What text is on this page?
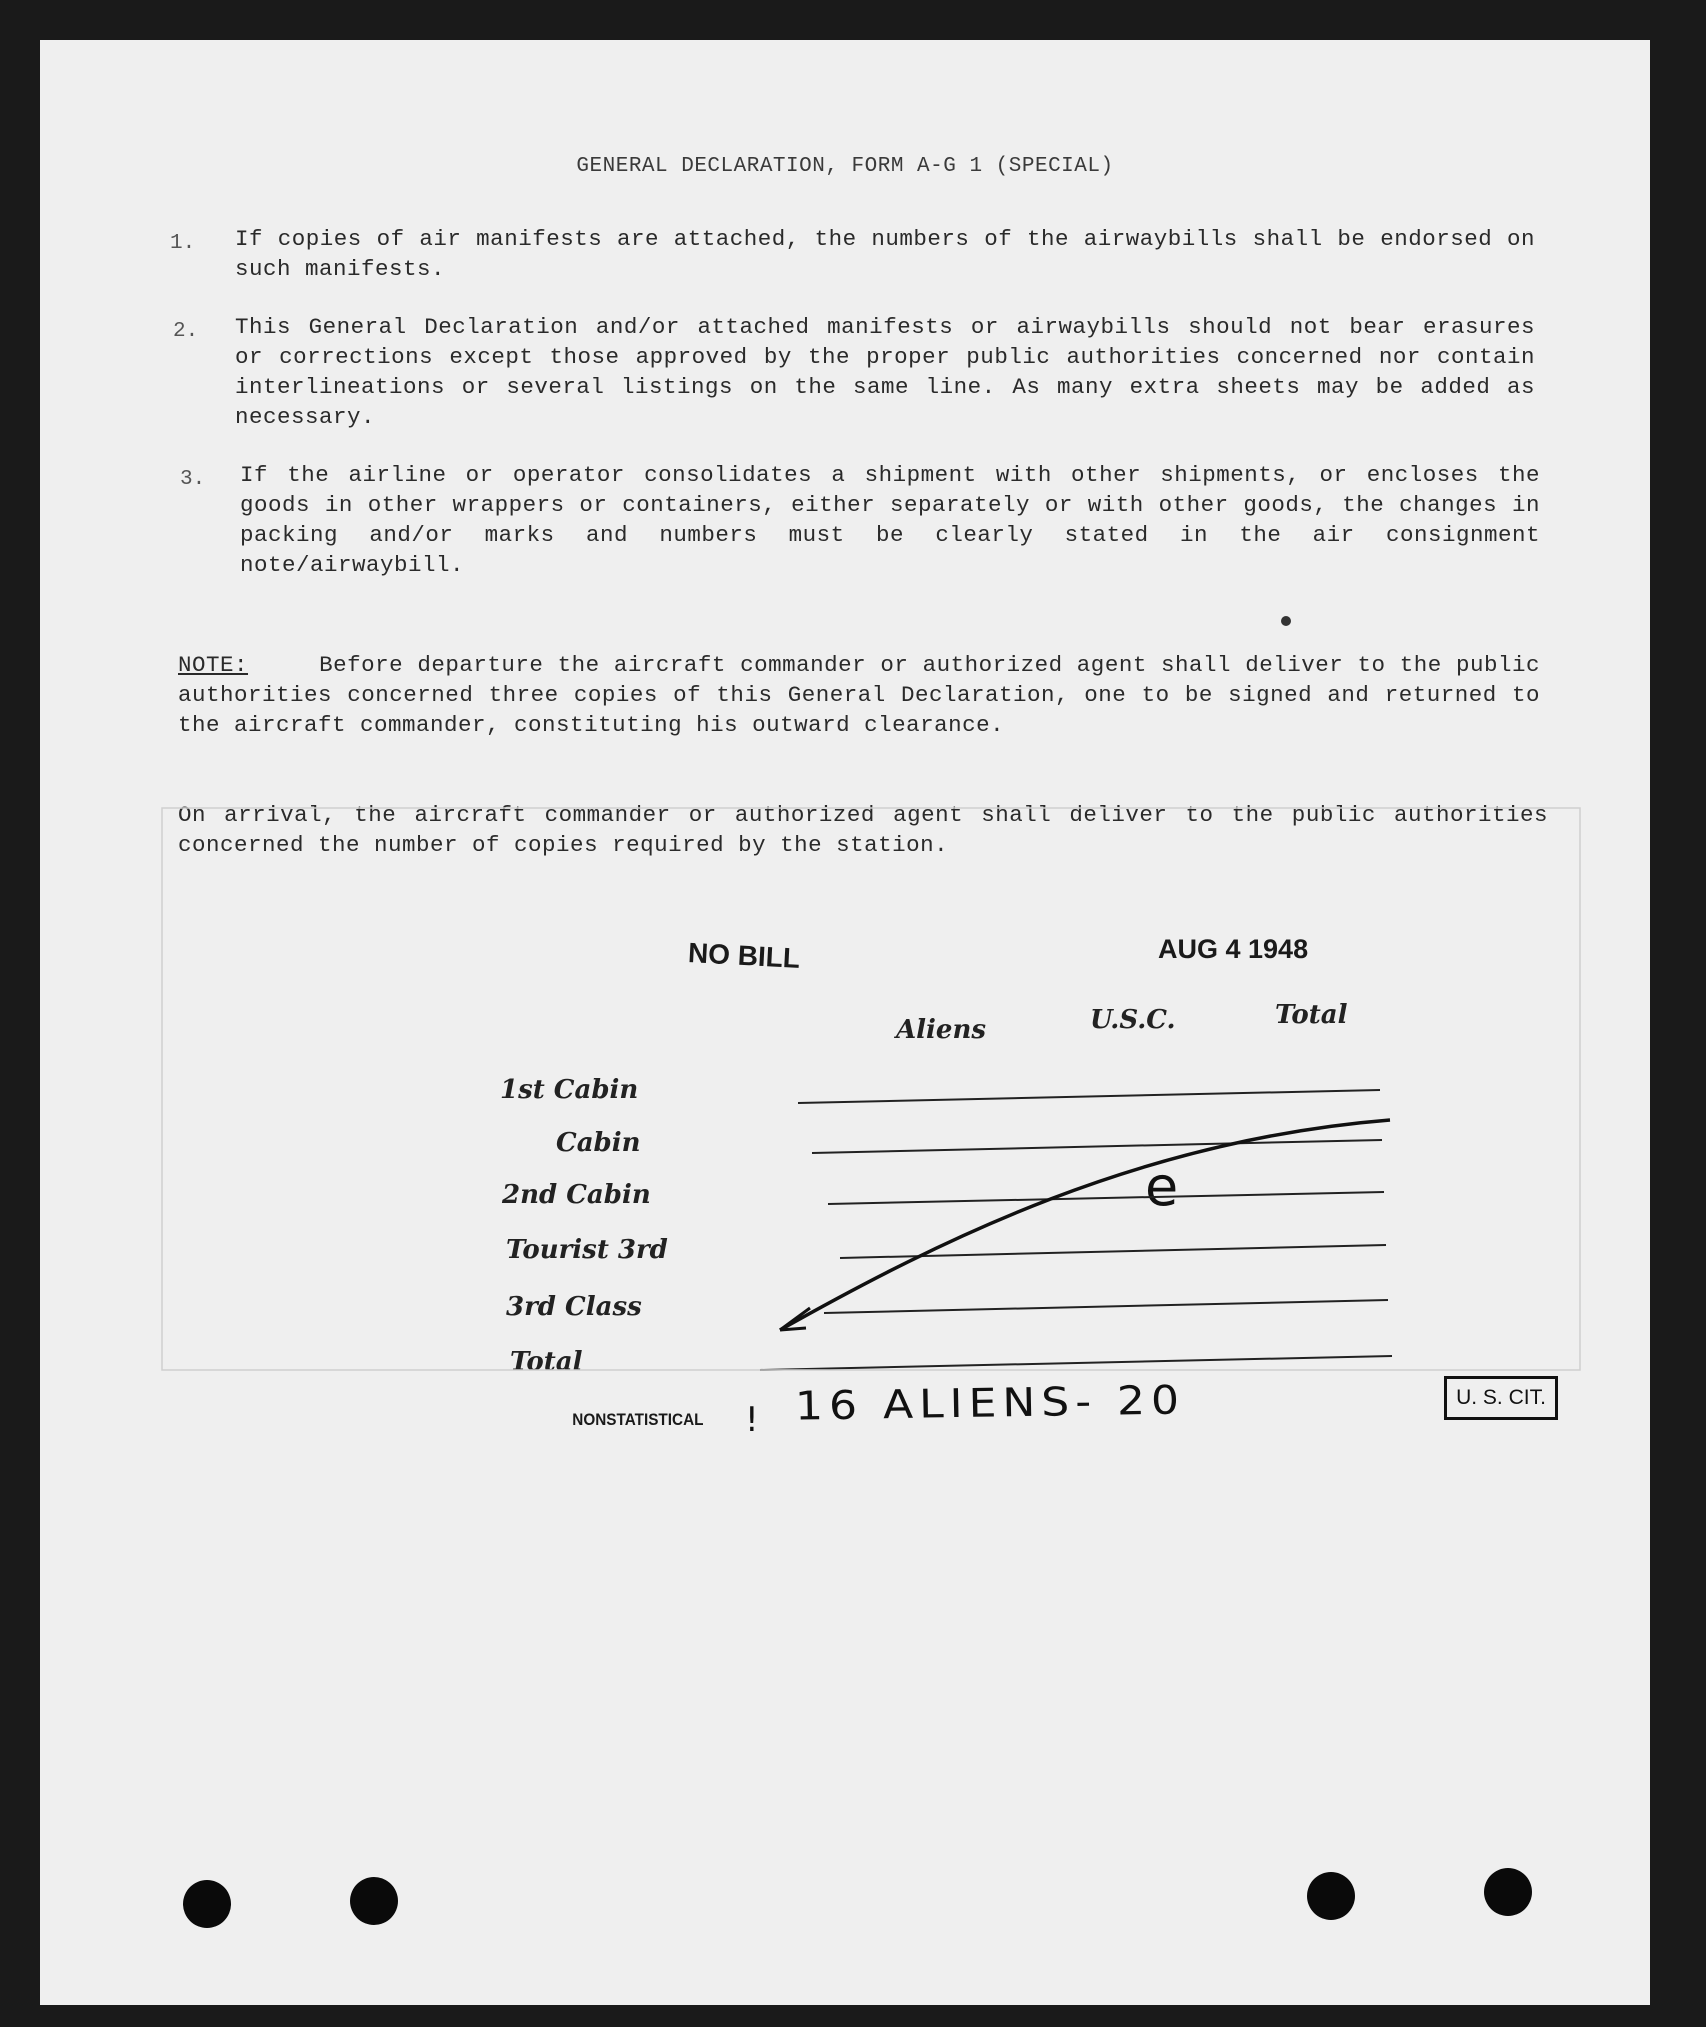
GENERAL DECLARATION, FORM A-G 1 (SPECIAL)
1. If copies of air manifests are attached, the numbers of the airwaybills shall be endorsed on such manifests.
2. This General Declaration and/or attached manifests or airwaybills should not bear erasures or corrections except those approved by the proper public authorities concerned nor contain interlineations or several listings on the same line. As many extra sheets may be added as necessary.
3. If the airline or operator consolidates a shipment with other shipments, or encloses the goods in other wrappers or containers, either separately or with other goods, the changes in packing and/or marks and numbers must be clearly stated in the air consignment note/airwaybill.
NOTE:	Before departure the aircraft commander or authorized agent shall deliver to the public authorities concerned three copies of this General Declaration, one to be signed and returned to the aircraft commander, constituting his outward clearance.
On arrival, the aircraft commander or authorized agent shall deliver to the public authorities concerned the number of copies required by the station.
NO BILL	AUG 4 1948
Aliens	U.S.C.	Total
1st Cabin
Cabin
2nd Cabin
Tourist 3rd
3rd Class
Total
NONSTATISTICAL ! 16 ALIENS- 20
e
U. S. CIT.
